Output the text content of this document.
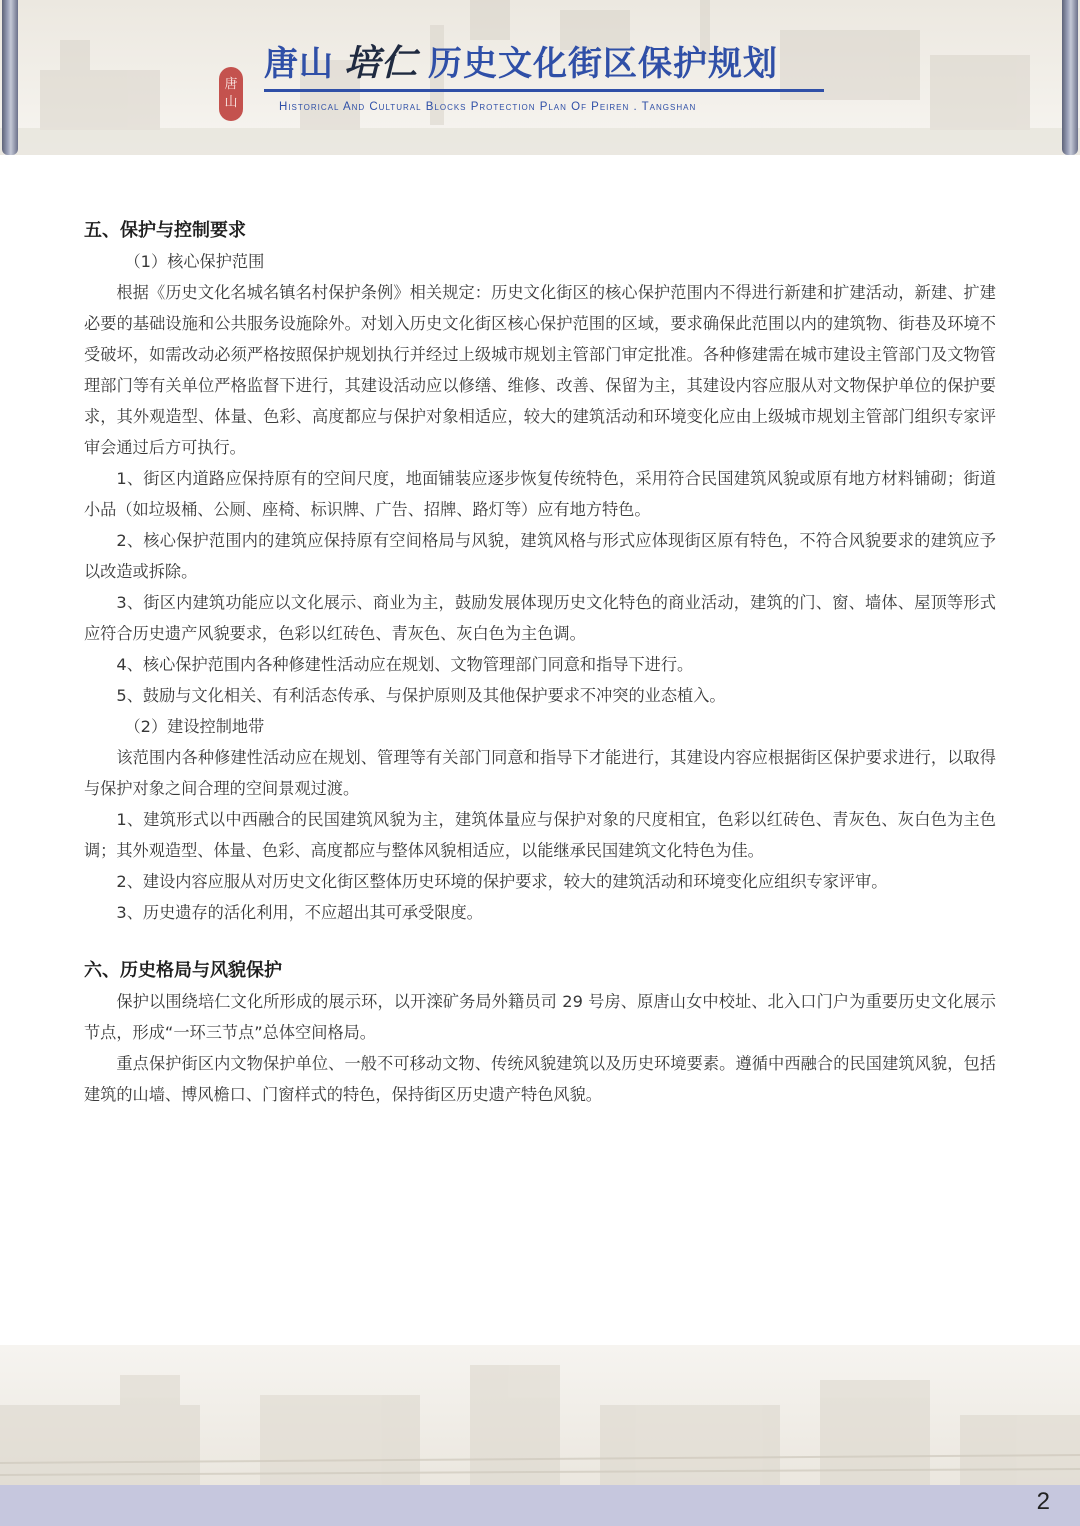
唐
山
唐山 培仁 历史文化街区保护规划
Historical And Cultural Blocks Protection Plan Of Peiren . Tangshan
五、保护与控制要求

（1）核心保护范围

根据《历史文化名城名镇名村保护条例》相关规定：历史文化街区的核心保护范围内不得进行新建和扩建活动，新建、扩建必要的基础设施和公共服务设施除外。对划入历史文化街区核心保护范围的区域，要求确保此范围以内的建筑物、街巷及环境不受破坏，如需改动必须严格按照保护规划执行并经过上级城市规划主管部门审定批准。各种修建需在城市建设主管部门及文物管理部门等有关单位严格监督下进行，其建设活动应以修缮、维修、改善、保留为主，其建设内容应服从对文物保护单位的保护要求，其外观造型、体量、色彩、高度都应与保护对象相适应，较大的建筑活动和环境变化应由上级城市规划主管部门组织专家评审会通过后方可执行。

1、街区内道路应保持原有的空间尺度，地面铺装应逐步恢复传统特色，采用符合民国建筑风貌或原有地方材料铺砌；街道小品（如垃圾桶、公厕、座椅、标识牌、广告、招牌、路灯等）应有地方特色。

2、核心保护范围内的建筑应保持原有空间格局与风貌，建筑风格与形式应体现街区原有特色，不符合风貌要求的建筑应予以改造或拆除。

3、街区内建筑功能应以文化展示、商业为主，鼓励发展体现历史文化特色的商业活动，建筑的门、窗、墙体、屋顶等形式应符合历史遗产风貌要求，色彩以红砖色、青灰色、灰白色为主色调。

4、核心保护范围内各种修建性活动应在规划、文物管理部门同意和指导下进行。

5、鼓励与文化相关、有利活态传承、与保护原则及其他保护要求不冲突的业态植入。

（2）建设控制地带

该范围内各种修建性活动应在规划、管理等有关部门同意和指导下才能进行，其建设内容应根据街区保护要求进行，以取得与保护对象之间合理的空间景观过渡。

1、建筑形式以中西融合的民国建筑风貌为主，建筑体量应与保护对象的尺度相宜，色彩以红砖色、青灰色、灰白色为主色调；其外观造型、体量、色彩、高度都应与整体风貌相适应，以能继承民国建筑文化特色为佳。

2、建设内容应服从对历史文化街区整体历史环境的保护要求，较大的建筑活动和环境变化应组织专家评审。

3、历史遗存的活化利用，不应超出其可承受限度。

六、历史格局与风貌保护

保护以围绕培仁文化所形成的展示环，以开滦矿务局外籍员司 29 号房、原唐山女中校址、北入口门户为重要历史文化展示节点，形成“一环三节点”总体空间格局。

重点保护街区内文物保护单位、一般不可移动文物、传统风貌建筑以及历史环境要素。遵循中西融合的民国建筑风貌，包括建筑的山墙、博风檐口、门窗样式的特色，保持街区历史遗产特色风貌。

2
